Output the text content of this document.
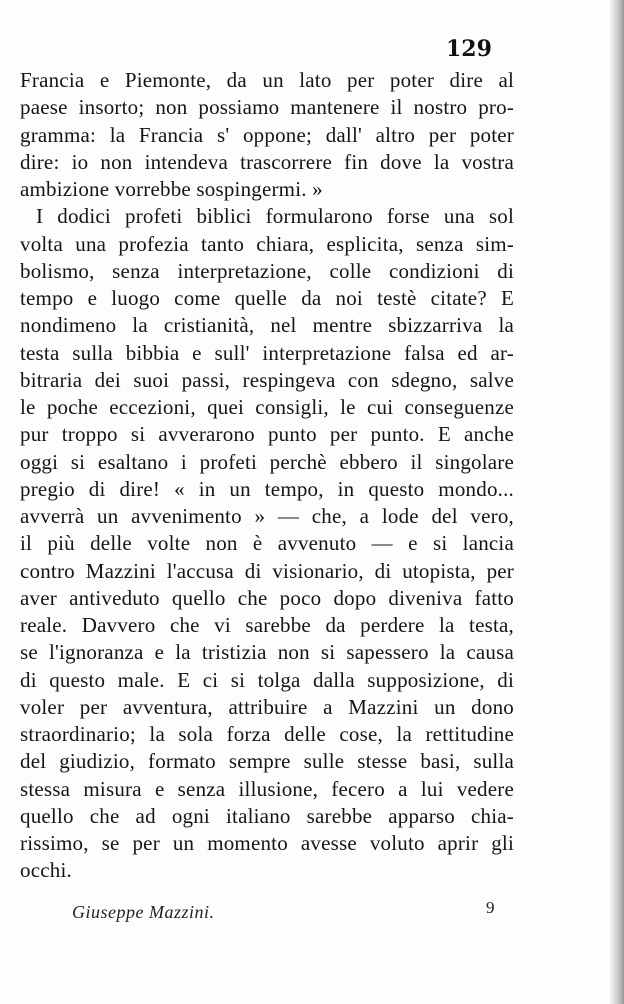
129
Francia e Piemonte, da un lato per poter dire al
paese insorto; non possiamo mantenere il nostro pro-
gramma: la Francia s' oppone; dall' altro per poter
dire: io non intendeva trascorrere fin dove la vostra
ambizione vorrebbe sospingermi. »
I dodici profeti biblici formularono forse una sol
volta una profezia tanto chiara, esplicita, senza sim-
bolismo, senza interpretazione, colle condizioni di
tempo e luogo come quelle da noi testè citate? E
nondimeno la cristianità, nel mentre sbizzarriva la
testa sulla bibbia e sull' interpretazione falsa ed ar-
bitraria dei suoi passi, respingeva con sdegno, salve
le poche eccezioni, quei consigli, le cui conseguenze
pur troppo si avverarono punto per punto. E anche
oggi si esaltano i profeti perchè ebbero il singolare
pregio di dire! « in un tempo, in questo mondo...
avverrà un avvenimento » — che, a lode del vero,
il più delle volte non è avvenuto — e si lancia
contro Mazzini l'accusa di visionario, di utopista, per
aver antiveduto quello che poco dopo diveniva fatto
reale. Davvero che vi sarebbe da perdere la testa,
se l'ignoranza e la tristizia non si sapessero la causa
di questo male. E ci si tolga dalla supposizione, di
voler per avventura, attribuire a Mazzini un dono
straordinario; la sola forza delle cose, la rettitudine
del giudizio, formato sempre sulle stesse basi, sulla
stessa misura e senza illusione, fecero a lui vedere
quello che ad ogni italiano sarebbe apparso chia-
rissimo, se per un momento avesse voluto aprir gli
occhi.
Giuseppe Mazzini.	9
